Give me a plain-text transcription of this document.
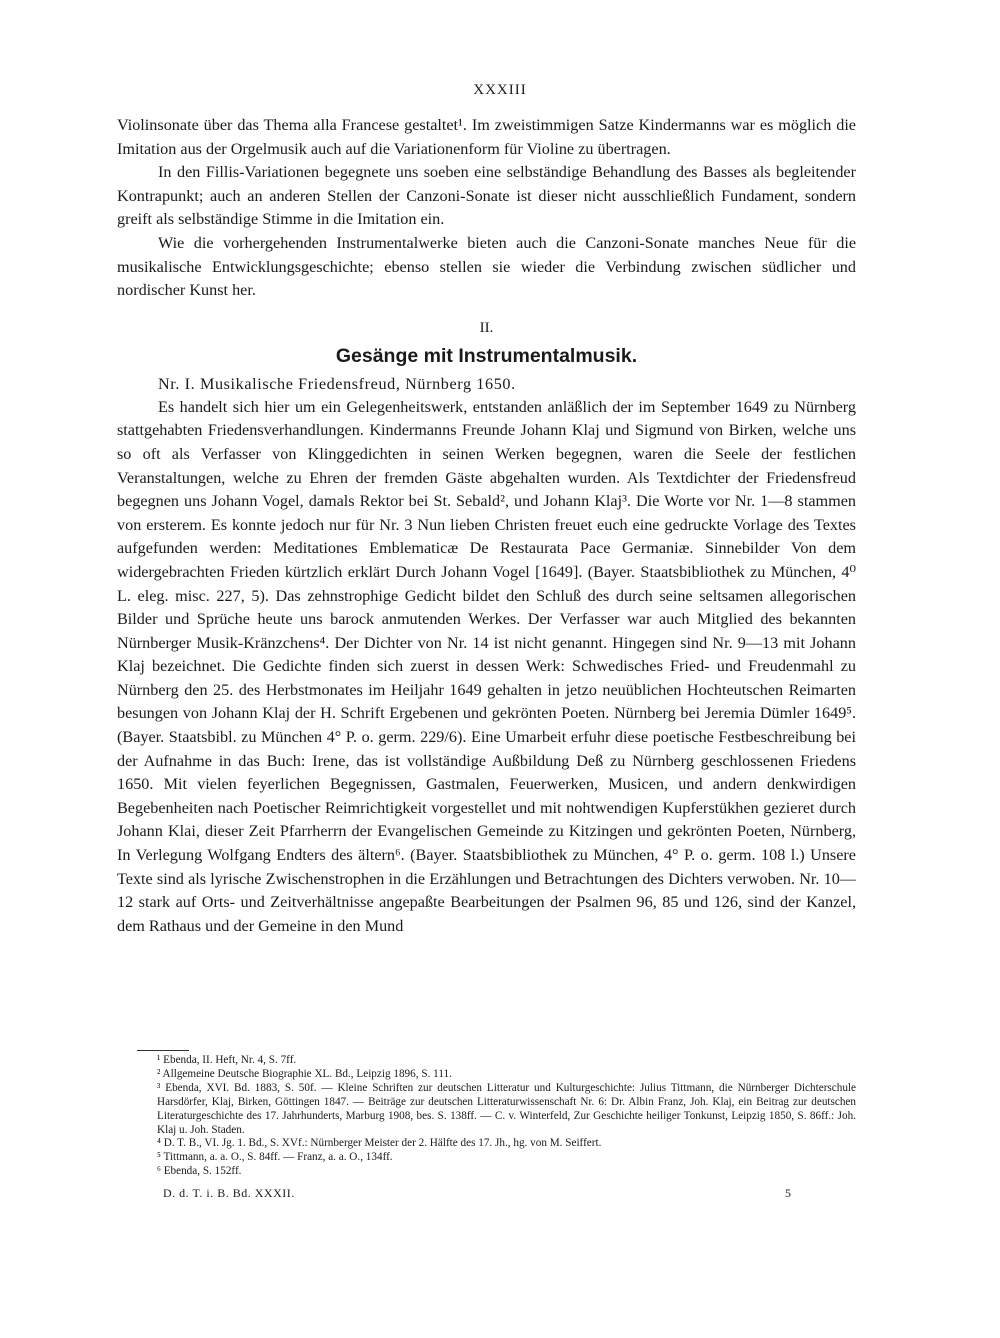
XXXIII

Violinsonate über das Thema alla Francese gestaltet¹. Im zweistimmigen Satze Kindermanns war es möglich die Imitation aus der Orgelmusik auch auf die Variationenform für Violine zu übertragen.

In den Fillis-Variationen begegnete uns soeben eine selbständige Behandlung des Basses als begleitender Kontrapunkt; auch an anderen Stellen der Canzoni-Sonate ist dieser nicht ausschließlich Fundament, sondern greift als selbständige Stimme in die Imitation ein.

Wie die vorhergehenden Instrumentalwerke bieten auch die Canzoni-Sonate manches Neue für die musikalische Entwicklungsgeschichte; ebenso stellen sie wieder die Verbindung zwischen südlicher und nordischer Kunst her.

II.
Gesänge mit Instrumentalmusik.
Nr. I. Musikalische Friedensfreud, Nürnberg 1650.

Es handelt sich hier um ein Gelegenheitswerk, entstanden anläßlich der im September 1649 zu Nürnberg stattgehabten Friedensverhandlungen. Kindermanns Freunde Johann Klaj und Sigmund von Birken, welche uns so oft als Verfasser von Klinggedichten in seinen Werken begegnen, waren die Seele der festlichen Veranstaltungen, welche zu Ehren der fremden Gäste abgehalten wurden. Als Textdichter der Friedensfreud begegnen uns Johann Vogel, damals Rektor bei St. Sebald², und Johann Klaj³. Die Worte vor Nr. 1—8 stammen von ersterem. Es konnte jedoch nur für Nr. 3 Nun lieben Christen freuet euch eine gedruckte Vorlage des Textes aufgefunden werden: Meditationes Emblematicæ De Restaurata Pace Germaniæ. Sinnebilder Von dem widergebrachten Frieden kürtzlich erklärt Durch Johann Vogel [1649]. (Bayer. Staatsbibliothek zu München, 4⁰ L. eleg. misc. 227, 5). Das zehnstrophige Gedicht bildet den Schluß des durch seine seltsamen allegorischen Bilder und Sprüche heute uns barock anmutenden Werkes. Der Verfasser war auch Mitglied des bekannten Nürnberger Musik-Kränzchens⁴. Der Dichter von Nr. 14 ist nicht genannt. Hingegen sind Nr. 9—13 mit Johann Klaj bezeichnet. Die Gedichte finden sich zuerst in dessen Werk: Schwedisches Fried- und Freudenmahl zu Nürnberg den 25. des Herbstmonates im Heiljahr 1649 gehalten in jetzo neuüblichen Hochteutschen Reimarten besungen von Johann Klaj der H. Schrift Ergebenen und gekrönten Poeten. Nürnberg bei Jeremia Dümler 1649⁵. (Bayer. Staatsbibl. zu München 4° P. o. germ. 229/6). Eine Umarbeit erfuhr diese poetische Festbeschreibung bei der Aufnahme in das Buch: Irene, das ist vollständige Außbildung Deß zu Nürnberg geschlossenen Friedens 1650. Mit vielen feyerlichen Begegnissen, Gastmalen, Feuerwerken, Musicen, und andern denkwirdigen Begebenheiten nach Poetischer Reimrichtigkeit vorgestellet und mit nohtwendigen Kupferstükhen gezieret durch Johann Klai, dieser Zeit Pfarrherrn der Evangelischen Gemeinde zu Kitzingen und gekrönten Poeten, Nürnberg, In Verlegung Wolfgang Endters des ältern⁶. (Bayer. Staatsbibliothek zu München, 4° P. o. germ. 108 l.) Unsere Texte sind als lyrische Zwischenstrophen in die Erzählungen und Betrachtungen des Dichters verwoben. Nr. 10—12 stark auf Orts- und Zeitverhältnisse angepaßte Bearbeitungen der Psalmen 96, 85 und 126, sind der Kanzel, dem Rathaus und der Gemeine in den Mund

¹ Ebenda, II. Heft, Nr. 4, S. 7ff.

² Allgemeine Deutsche Biographie XL. Bd., Leipzig 1896, S. 111.

³ Ebenda, XVI. Bd. 1883, S. 50f. — Kleine Schriften zur deutschen Litteratur und Kulturgeschichte: Julius Tittmann, die Nürnberger Dichterschule Harsdörfer, Klaj, Birken, Göttingen 1847. — Beiträge zur deutschen Litteraturwissenschaft Nr. 6: Dr. Albin Franz, Joh. Klaj, ein Beitrag zur deutschen Literaturgeschichte des 17. Jahrhunderts, Marburg 1908, bes. S. 138ff. — C. v. Winterfeld, Zur Geschichte heiliger Tonkunst, Leipzig 1850, S. 86ff.: Joh. Klaj u. Joh. Staden.

⁴ D. T. B., VI. Jg. 1. Bd., S. XVf.: Nürnberger Meister der 2. Hälfte des 17. Jh., hg. von M. Seiffert.

⁵ Tittmann, a. a. O., S. 84ff. — Franz, a. a. O., 134ff.

⁶ Ebenda, S. 152ff.

D. d. T. i. B. Bd. XXXII.	5
